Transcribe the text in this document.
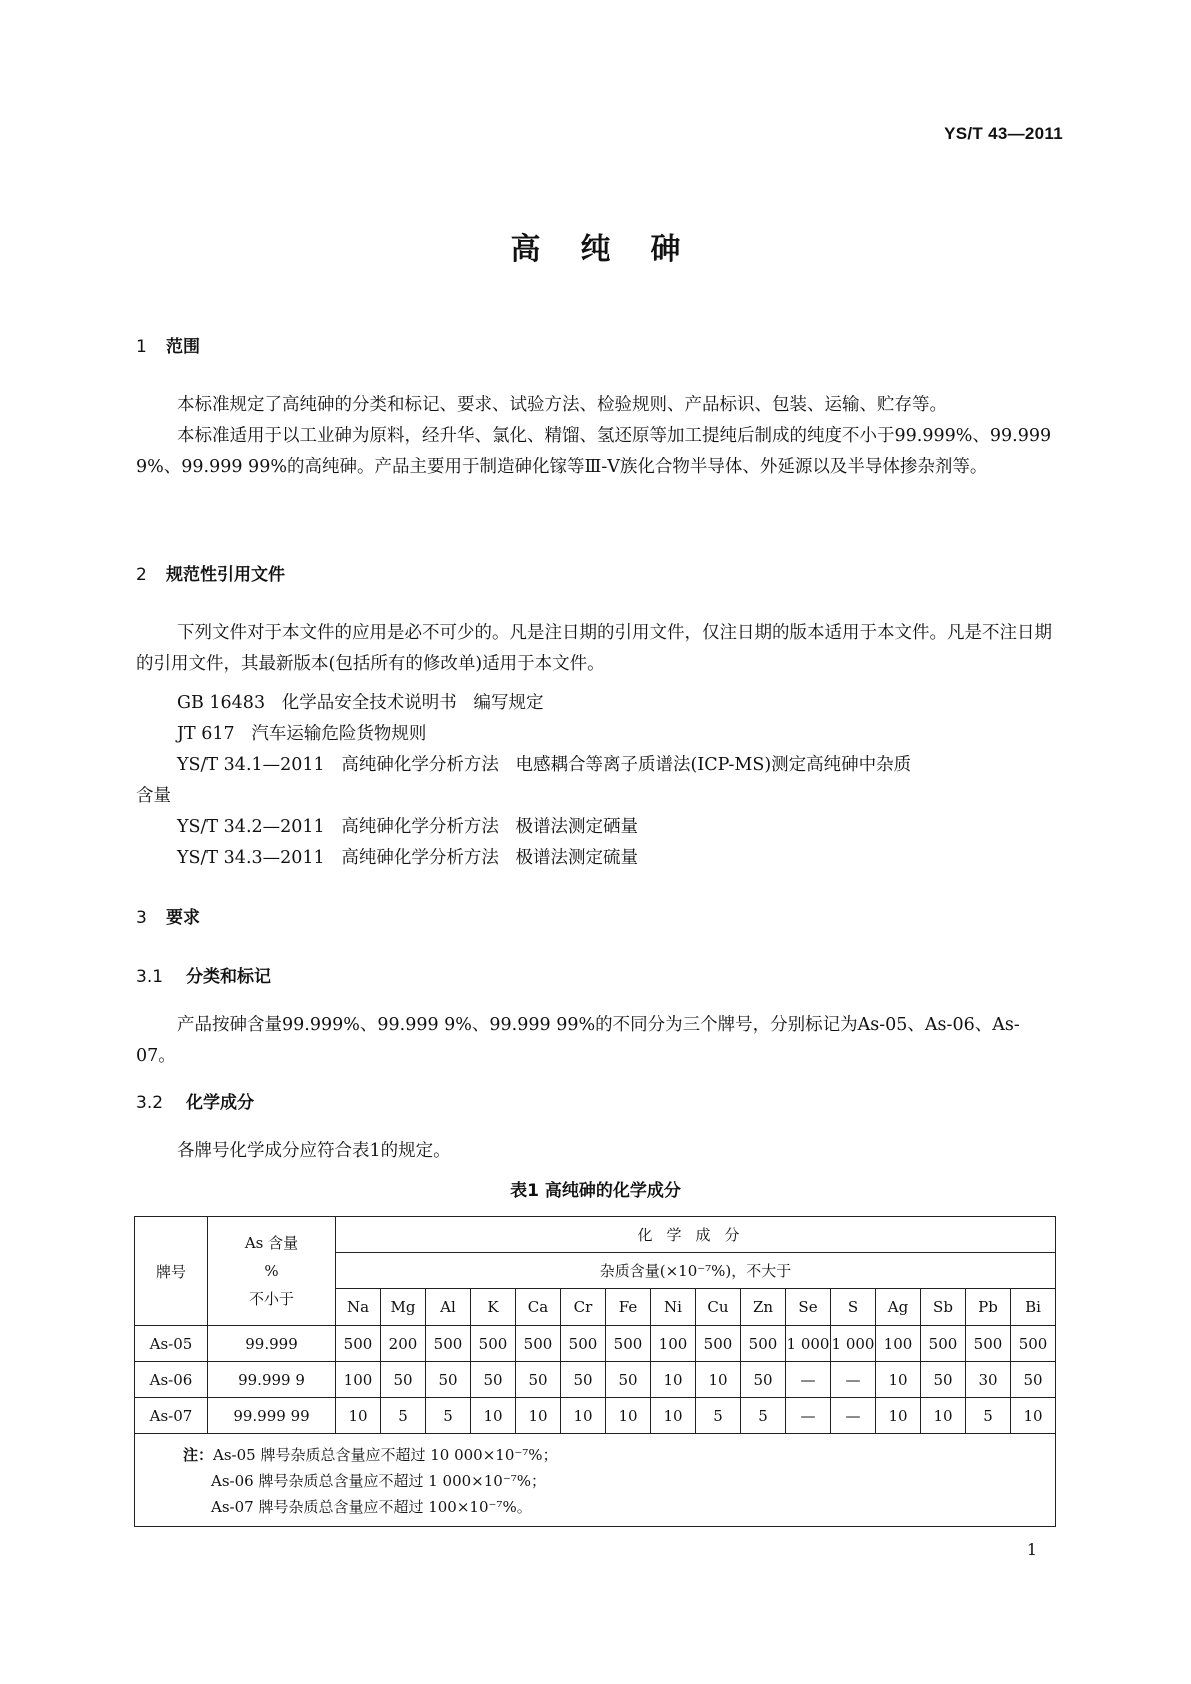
YS/T 43—2011
高纯砷
1 范围
本标准规定了高纯砷的分类和标记、要求、试验方法、检验规则、产品标识、包装、运输、贮存等。
本标准适用于以工业砷为原料，经升华、氯化、精馏、氢还原等加工提纯后制成的纯度不小于99.999%、99.999 9%、99.999 99%的高纯砷。产品主要用于制造砷化镓等Ⅲ-Ⅴ族化合物半导体、外延源以及半导体掺杂剂等。
2 规范性引用文件
下列文件对于本文件的应用是必不可少的。凡是注日期的引用文件，仅注日期的版本适用于本文件。凡是不注日期的引用文件，其最新版本(包括所有的修改单)适用于本文件。
GB 16483   化学品安全技术说明书   编写规定
JT 617   汽车运输危险货物规则
YS/T 34.1—2011   高纯砷化学分析方法   电感耦合等离子质谱法(ICP-MS)测定高纯砷中杂质
含量
YS/T 34.2—2011   高纯砷化学分析方法   极谱法测定硒量
YS/T 34.3—2011   高纯砷化学分析方法   极谱法测定硫量
3 要求
3.1 分类和标记
产品按砷含量99.999%、99.999 9%、99.999 99%的不同分为三个牌号，分别标记为As-05、As-06、As-07。
3.2 化学成分
各牌号化学成分应符合表1的规定。
表1 高纯砷的化学成分
牌号	As 含量
%
不小于	化学成分															
		杂质含量(×10⁻⁷%)，不大于															
		Na	Mg	Al	K	Ca	Cr	Fe	Ni	Cu	Zn	Se	S	Ag	Sb	Pb	Bi
As-05	99.999	500	200	500	500	500	500	500	100	500	500	1 000	1 000	100	500	500	500
As-06	99.999 9	100	50	50	50	50	50	50	10	10	50	—	—	10	50	30	50
As-07	99.999 99	10	5	5	10	10	10	10	10	5	5	—	—	10	10	5	10
注：As-05 牌号杂质总含量应不超过 10 000×10⁻⁷%；
As-06 牌号杂质总含量应不超过 1 000×10⁻⁷%；
As-07 牌号杂质总含量应不超过 100×10⁻⁷%。																	
1
